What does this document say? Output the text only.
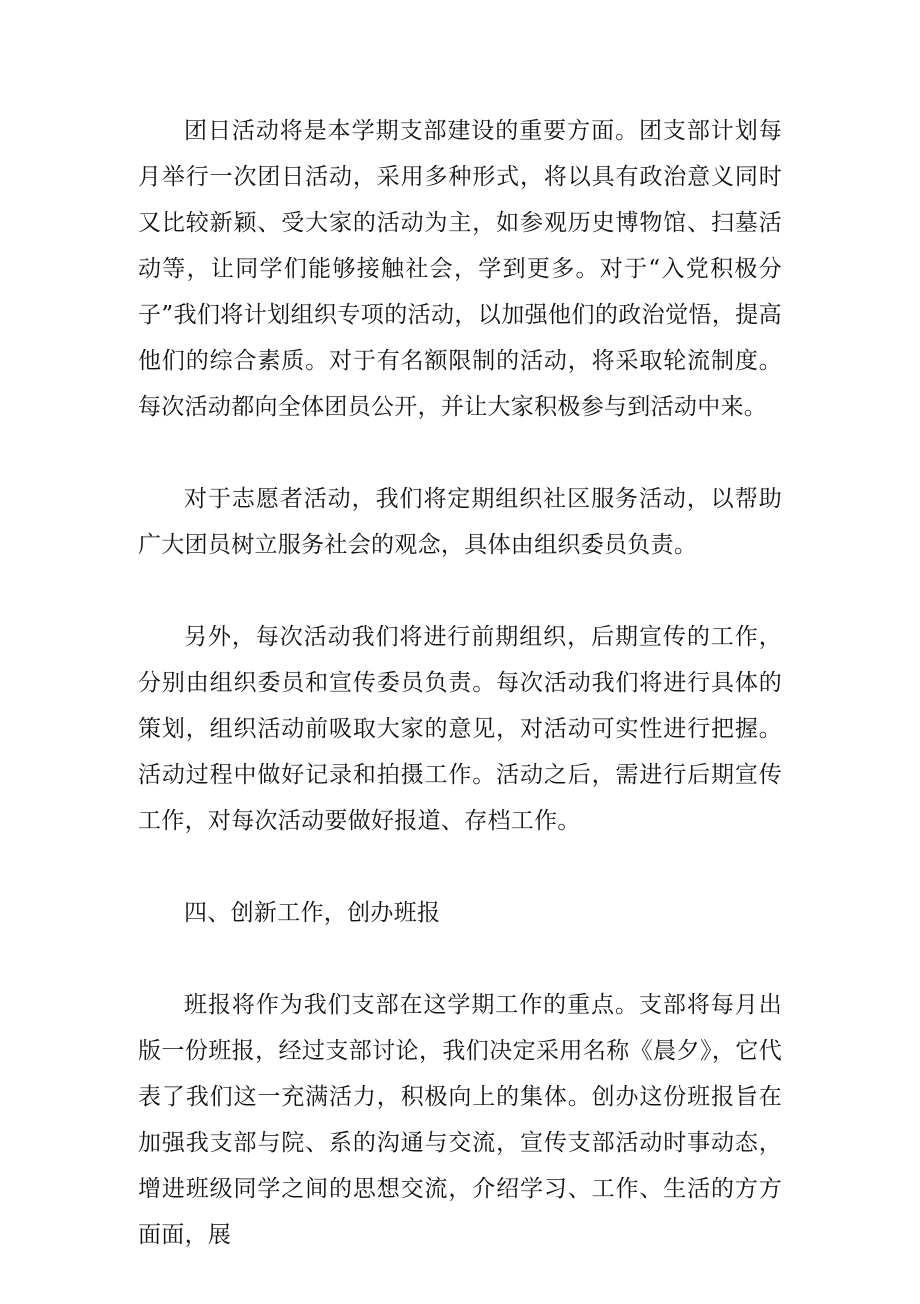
团日活动将是本学期支部建设的重要方面。团支部计划每月举行一次团日活动，采用多种形式，将以具有政治意义同时又比较新颖、受大家的活动为主，如参观历史博物馆、扫墓活动等，让同学们能够接触社会，学到更多。对于“入党积极分子”我们将计划组织专项的活动，以加强他们的政治觉悟，提高他们的综合素质。对于有名额限制的活动，将采取轮流制度。每次活动都向全体团员公开，并让大家积极参与到活动中来。

对于志愿者活动，我们将定期组织社区服务活动，以帮助广大团员树立服务社会的观念，具体由组织委员负责。

另外，每次活动我们将进行前期组织，后期宣传的工作，分别由组织委员和宣传委员负责。每次活动我们将进行具体的策划，组织活动前吸取大家的意见，对活动可实性进行把握。活动过程中做好记录和拍摄工作。活动之后，需进行后期宣传工作，对每次活动要做好报道、存档工作。

四、创新工作，创办班报

班报将作为我们支部在这学期工作的重点。支部将每月出版一份班报，经过支部讨论，我们决定采用名称《晨夕》，它代表了我们这一充满活力，积极向上的集体。创办这份班报旨在加强我支部与院、系的沟通与交流，宣传支部活动时事动态，增进班级同学之间的思想交流，介绍学习、工作、生活的方方面面，展
